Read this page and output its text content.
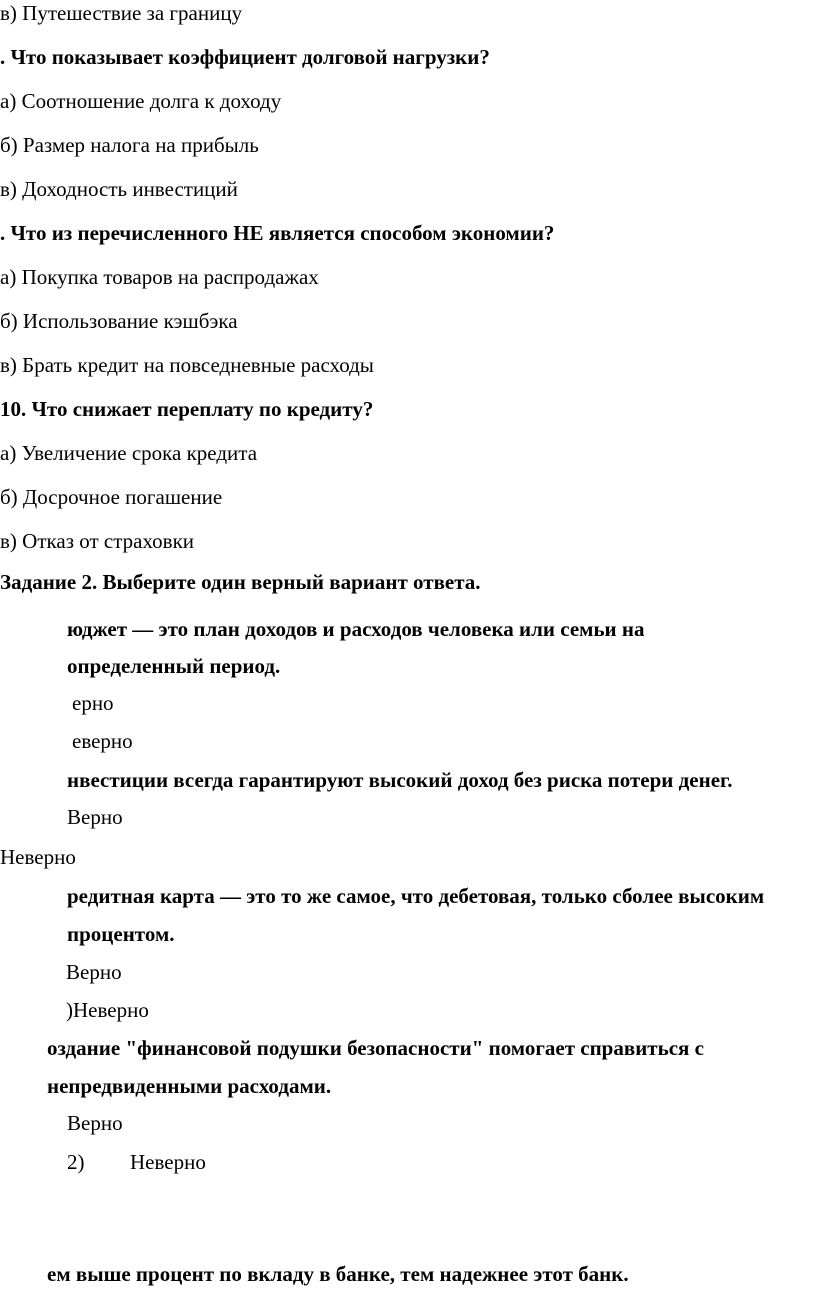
в) Путешествие за границу
. Что показывает коэффициент долговой нагрузки?
а) Соотношение долга к доходу
б) Размер налога на прибыль
в) Доходность инвестиций
. Что из перечисленного НЕ является способом экономии?
а) Покупка товаров на распродажах
б) Использование кэшбэка
в) Брать кредит на повседневные расходы
10. Что снижает переплату по кредиту?
а) Увеличение срока кредита
б) Досрочное погашение
в) Отказ от страховки
Задание 2. Выберите один верный вариант ответа.
юджет — это план доходов и расходов человека или семьи на
определенный период.
ерно
еверно
нвестиции всегда гарантируют высокий доход без риска потери денег.
Верно
Неверно
редитная карта — это то же самое, что дебетовая, только сболее высоким
процентом.
Верно
)Неверно
оздание "финансовой подушки безопасности" помогает справиться с
непредвиденными расходами.
Верно
2) Неверно
ем выше процент по вкладу в банке, тем надежнее этот банк.
